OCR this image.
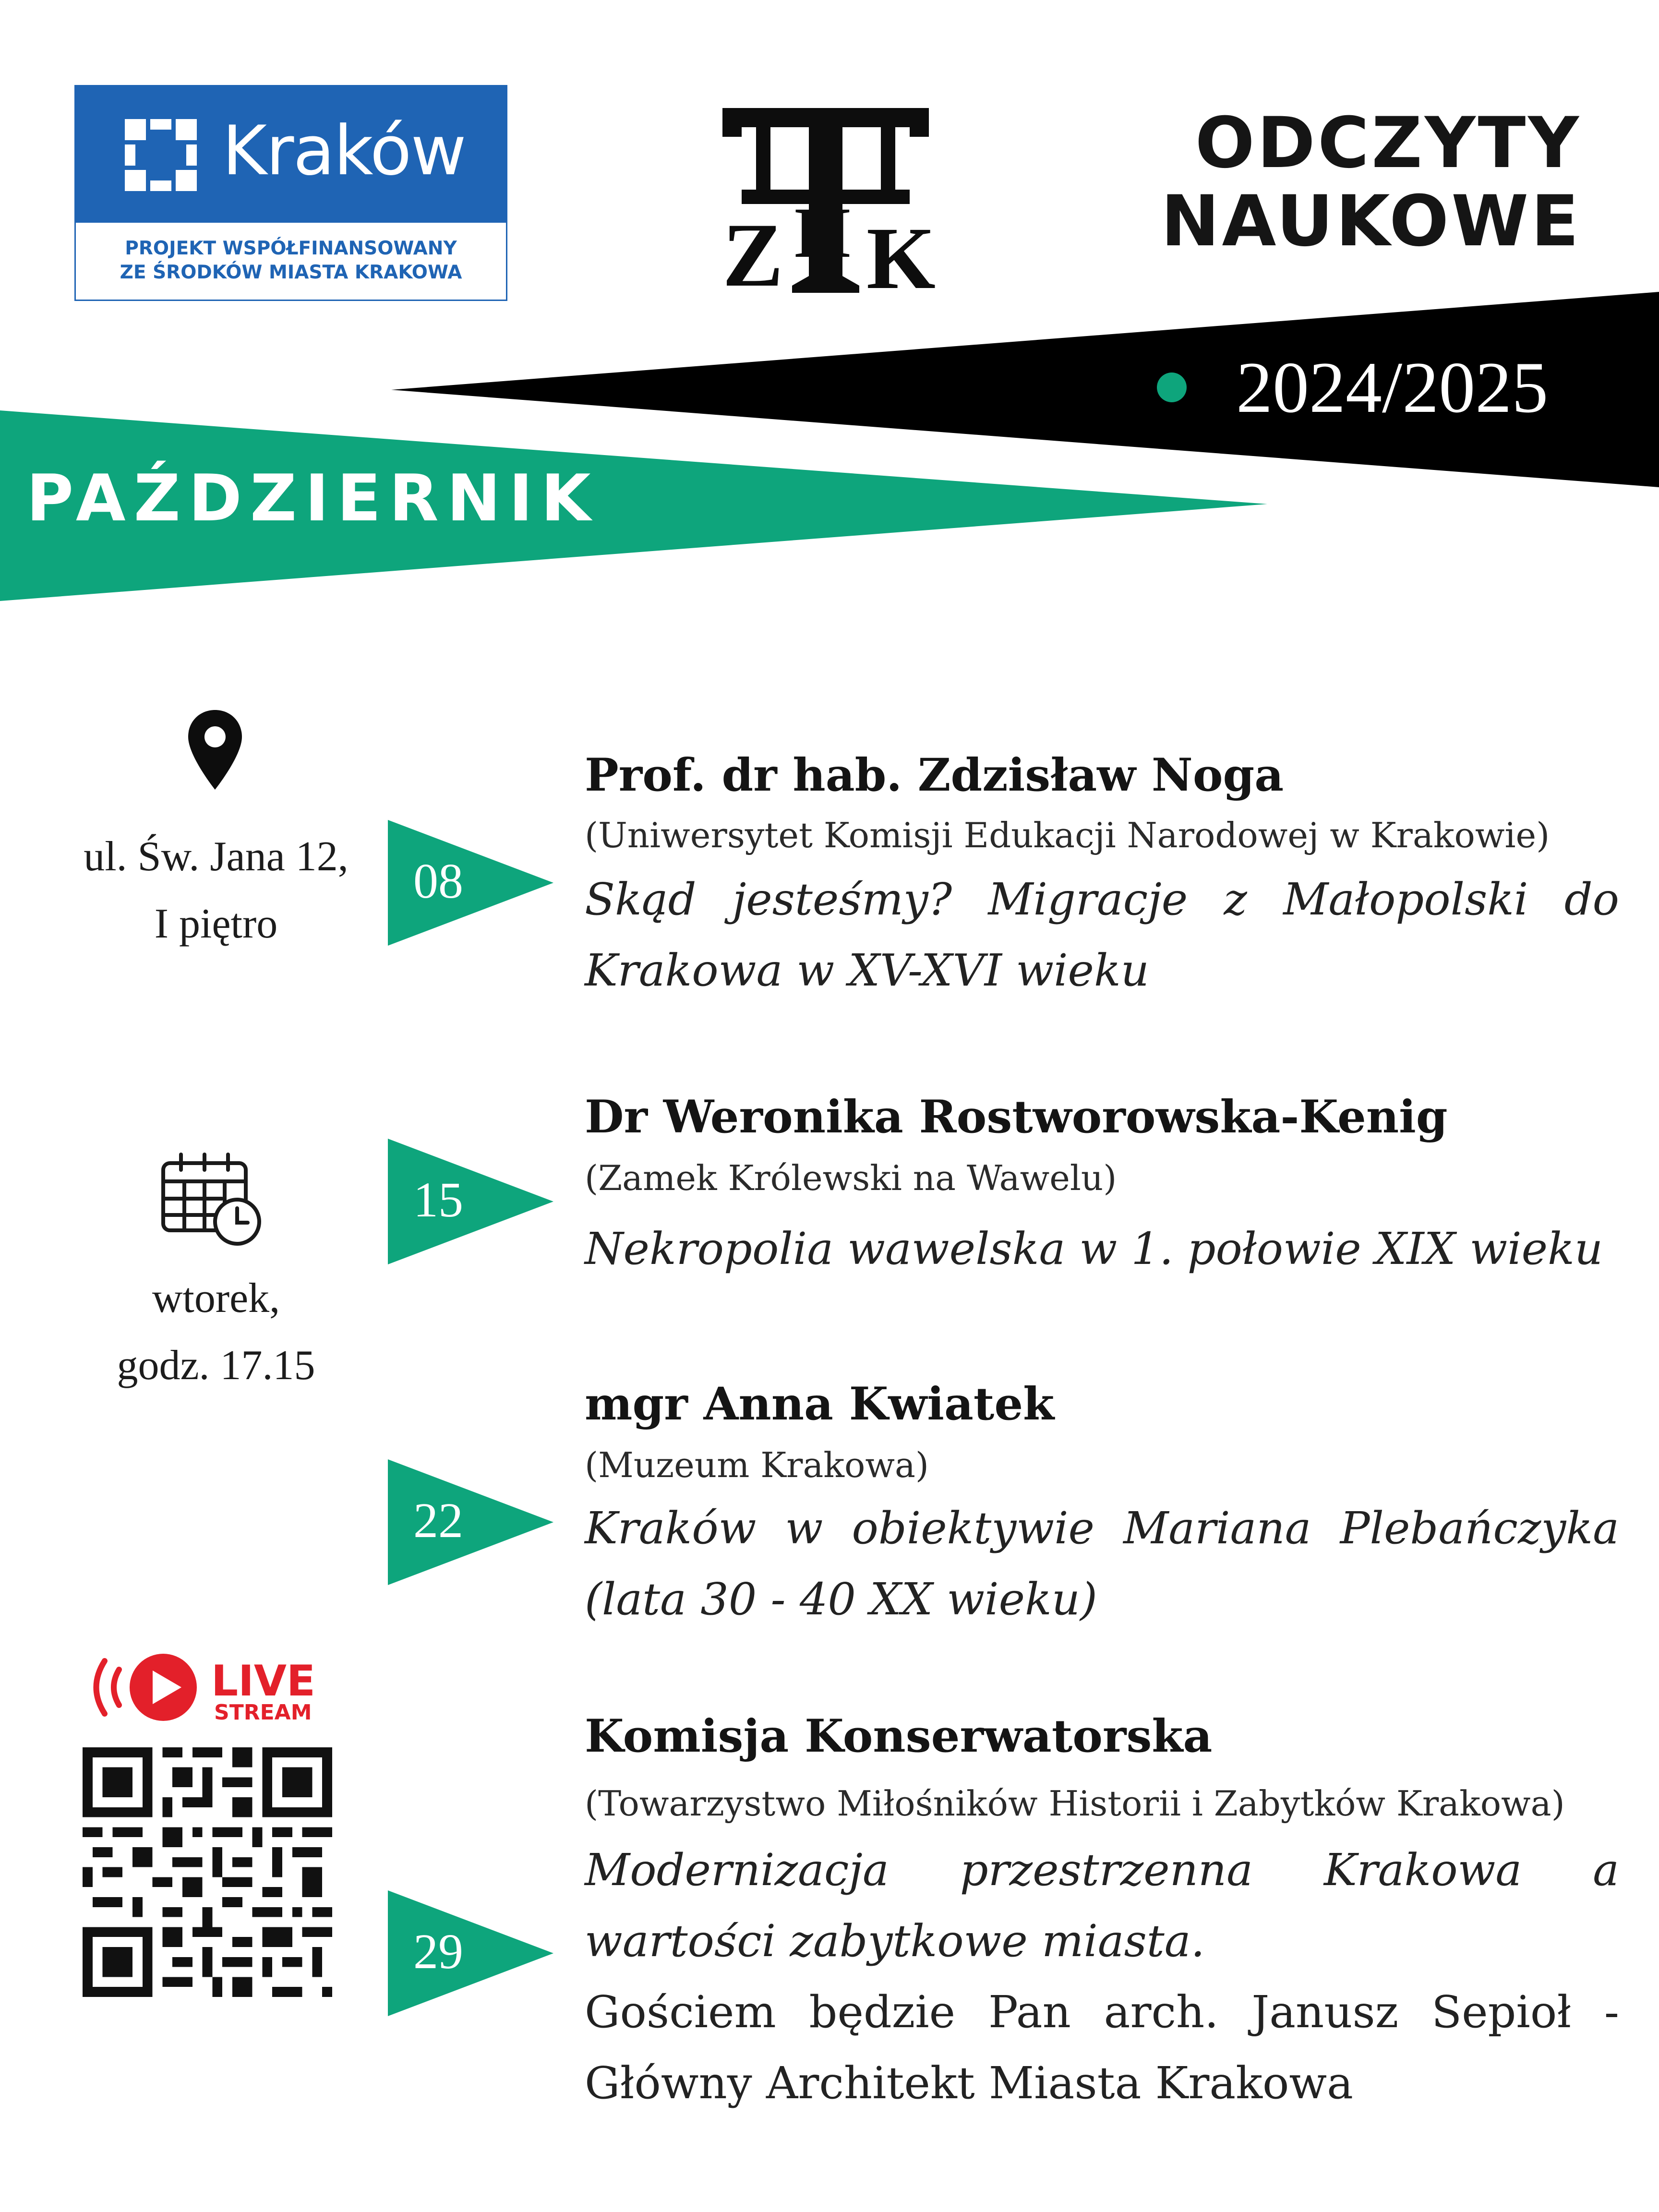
Kraków
PROJEKT WSPÓŁFINANSOWANY
ZE ŚRODKÓW MIASTA KRAKOWA	Z H K
ODCZYTY
NAUKOWE
2024/2025
PAŹDZIERNIK
ul. Św. Jana 12,
I piętro
wtorek,
godz. 17.15
LIVE
STREAM
08
15
22
29
Prof. dr hab. Zdzisław Noga
(Uniwersytet Komisji Edukacji Narodowej w Krakowie)
Skąd jesteśmy? Migracje z Małopolski do Krakowa w XV-XVI wieku
Dr Weronika Rostworowska-Kenig
(Zamek Królewski na Wawelu)
Nekropolia wawelska w 1. połowie XIX wieku
mgr Anna Kwiatek
(Muzeum Krakowa)
Kraków w obiektywie Mariana Plebańczyka (lata 30 - 40 XX wieku)
Komisja Konserwatorska
(Towarzystwo Miłośników Historii i Zabytków Krakowa)
Modernizacja przestrzenna Krakowa a wartości zabytkowe miasta.
Gościem będzie Pan arch. Janusz Sepioł - Główny Architekt Miasta Krakowa
